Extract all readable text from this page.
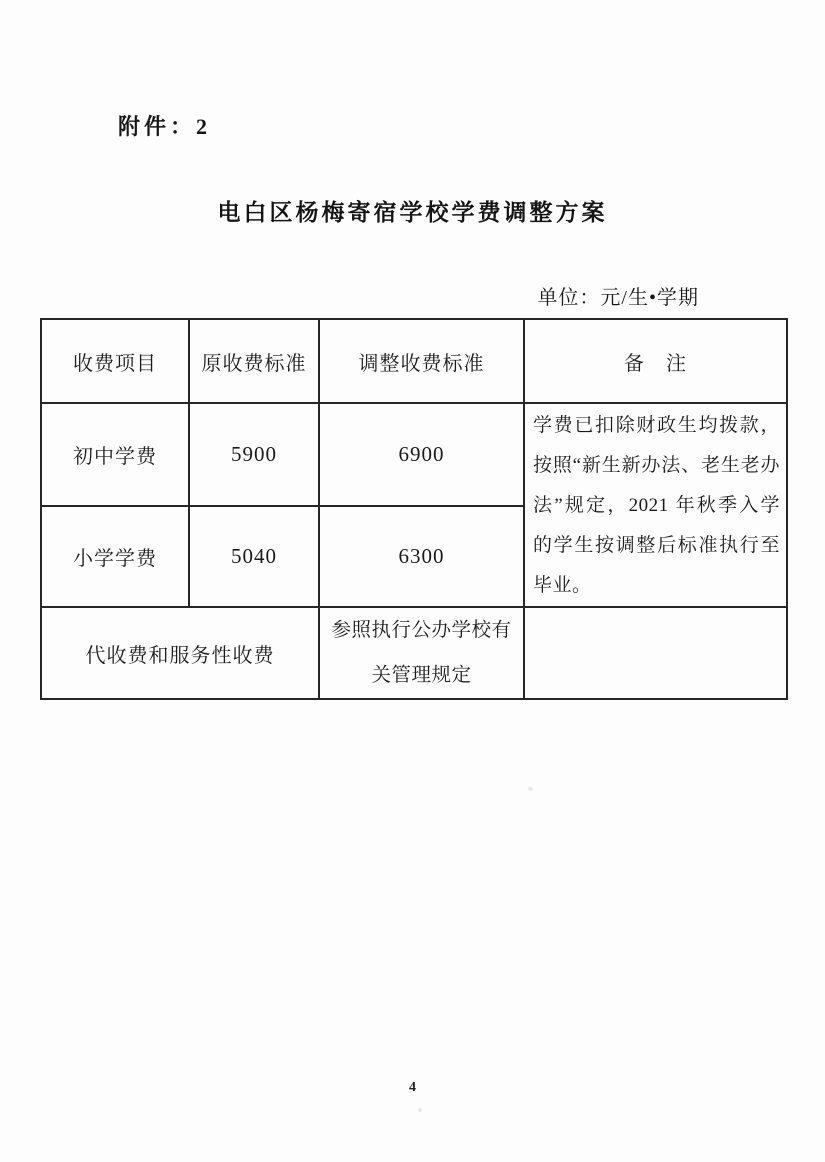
附件：2
电白区杨梅寄宿学校学费调整方案
单位：元/生•学期
收费项目	原收费标准	调整收费标准	备　注
初中学费	5900	6900	学费已扣除财政生均拨款，按照“新生新办法、老生老办法”规定，2021 年秋季入学的学生按调整后标准执行至毕业。

小学学费	5040	6300	
代收费和服务性收费		参照执行公办学校有关管理规定	

4
